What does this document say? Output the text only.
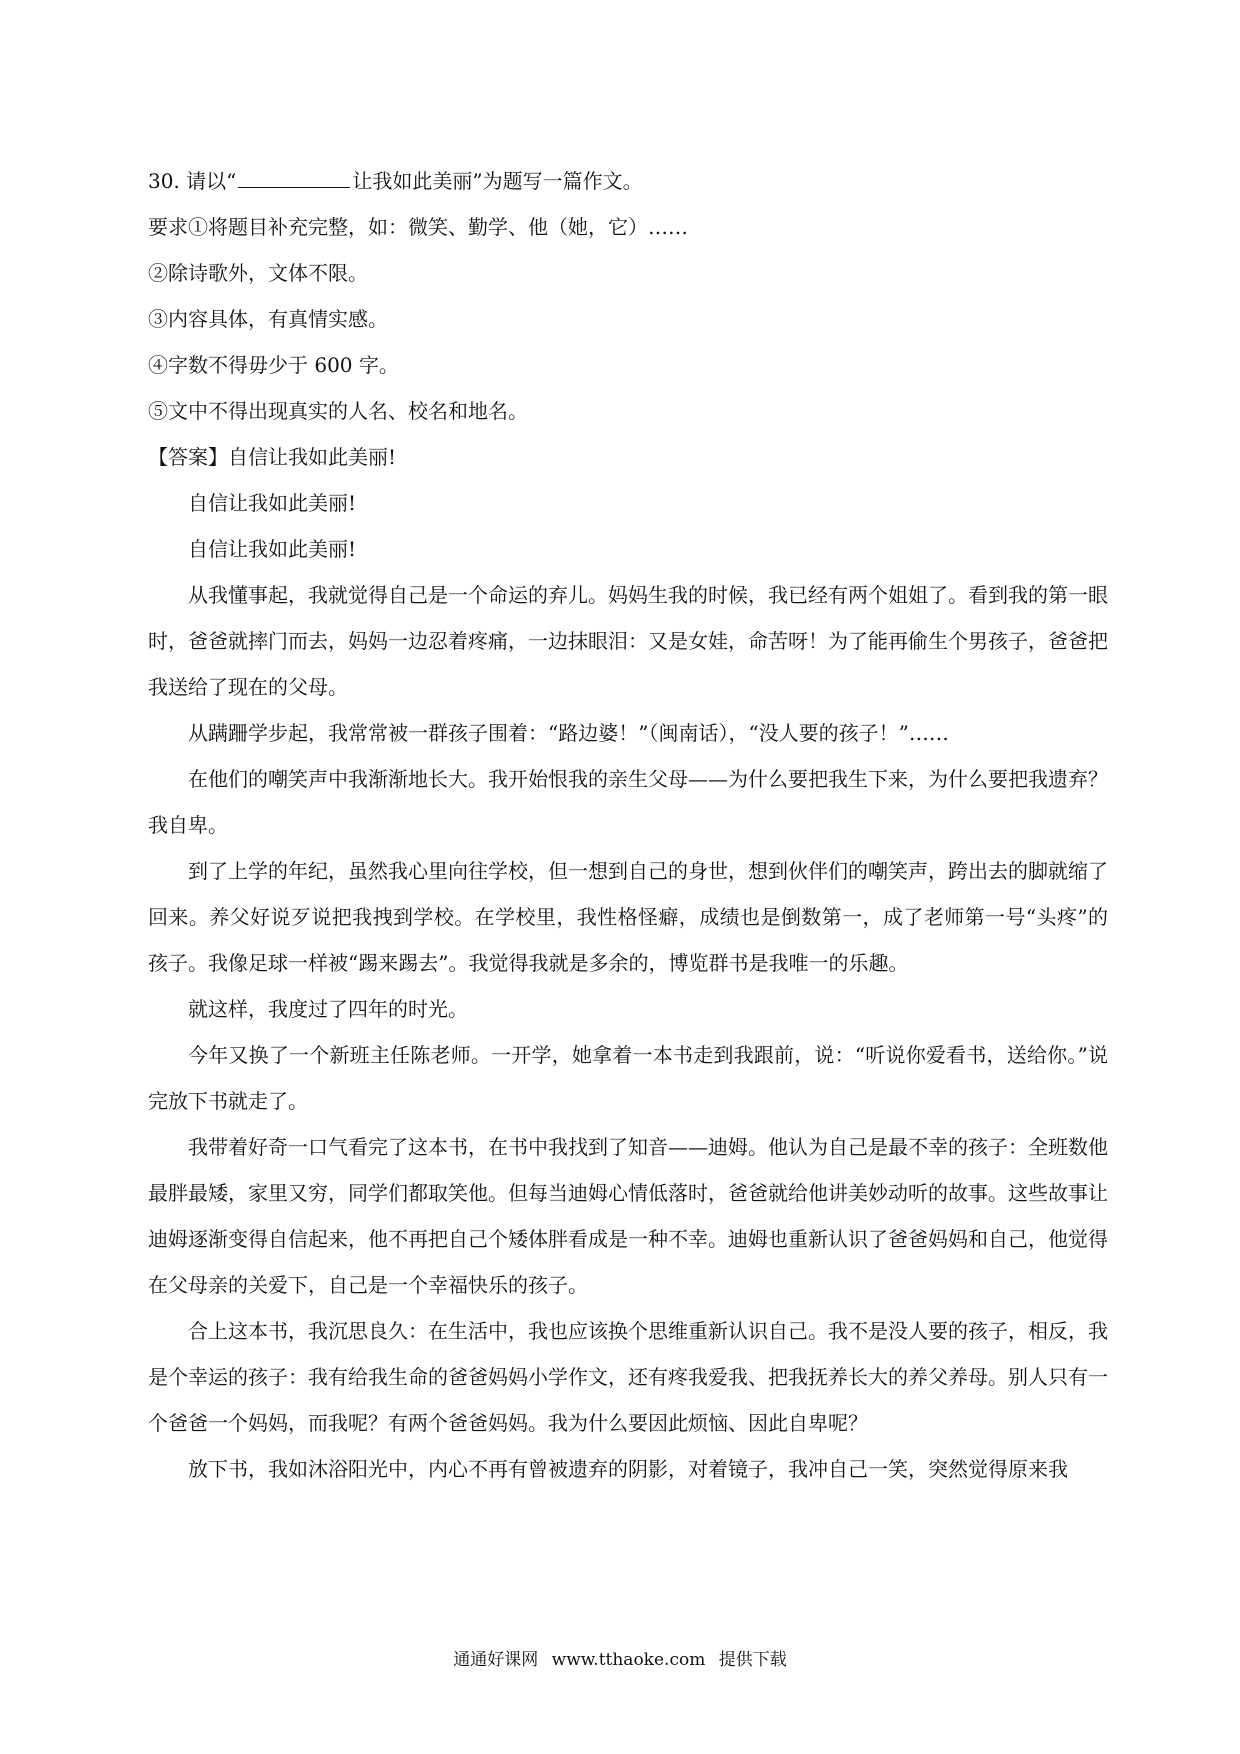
30. 请以“	让我如此美丽”为题写一篇作文。
要求①将题目补充完整，如：微笑、勤学、他（她，它）……
②除诗歌外，文体不限。
③内容具体，有真情实感。
④字数不得毋少于 600 字。
⑤文中不得出现真实的人名、校名和地名。
【答案】自信让我如此美丽!
自信让我如此美丽!
自信让我如此美丽!

从我懂事起，我就觉得自己是一个命运的弃儿。妈妈生我的时候，我已经有两个姐姐了。看到我的第一眼时，爸爸就摔门而去，妈妈一边忍着疼痛，一边抹眼泪：又是女娃，命苦呀！为了能再偷生个男孩子，爸爸把我送给了现在的父母。

从蹒跚学步起，我常常被一群孩子围着：“路边婆！”（闽南话），“没人要的孩子！”……

在他们的嘲笑声中我渐渐地长大。我开始恨我的亲生父母——为什么要把我生下来，为什么要把我遗弃？我自卑。

到了上学的年纪，虽然我心里向往学校，但一想到自己的身世，想到伙伴们的嘲笑声，跨出去的脚就缩了回来。养父好说歹说把我拽到学校。在学校里，我性格怪癖，成绩也是倒数第一，成了老师第一号“头疼”的孩子。我像足球一样被“踢来踢去”。我觉得我就是多余的，博览群书是我唯一的乐趣。

就这样，我度过了四年的时光。

今年又换了一个新班主任陈老师。一开学，她拿着一本书走到我跟前，说：“听说你爱看书，送给你。”说完放下书就走了。

我带着好奇一口气看完了这本书，在书中我找到了知音——迪姆。他认为自己是最不幸的孩子：全班数他最胖最矮，家里又穷，同学们都取笑他。但每当迪姆心情低落时，爸爸就给他讲美妙动听的故事。这些故事让迪姆逐渐变得自信起来，他不再把自己个矮体胖看成是一种不幸。迪姆也重新认识了爸爸妈妈和自己，他觉得在父母亲的关爱下，自己是一个幸福快乐的孩子。

合上这本书，我沉思良久：在生活中，我也应该换个思维重新认识自己。我不是没人要的孩子，相反，我是个幸运的孩子：我有给我生命的爸爸妈妈小学作文，还有疼我爱我、把我抚养长大的养父养母。别人只有一个爸爸一个妈妈，而我呢？有两个爸爸妈妈。我为什么要因此烦恼、因此自卑呢？

放下书，我如沐浴阳光中，内心不再有曾被遗弃的阴影，对着镜子，我冲自己一笑，突然觉得原来我

通通好课网 www.tthaoke.com 提供下载
